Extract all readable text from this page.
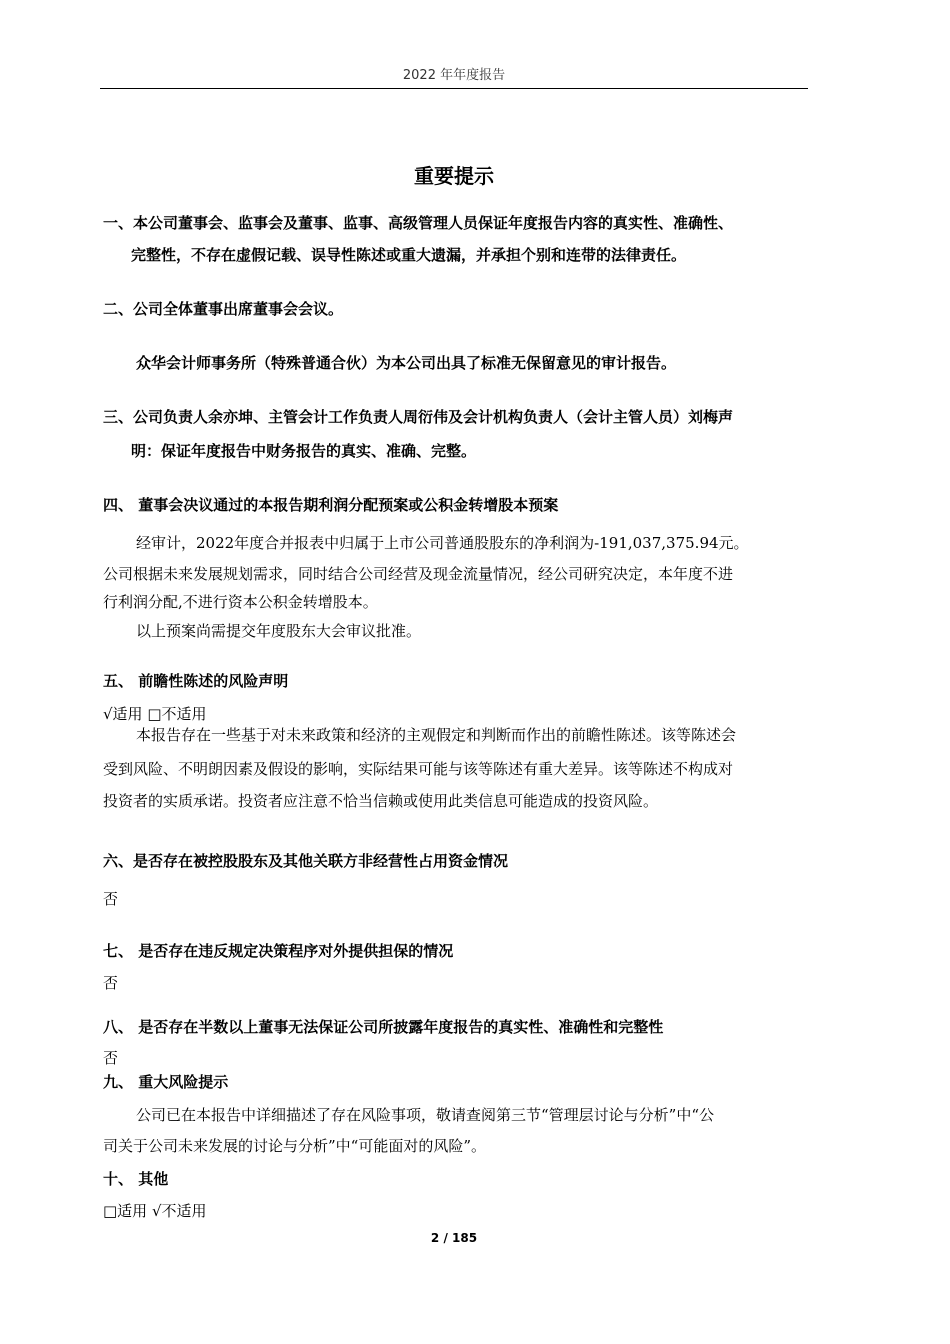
2022 年年度报告
重要提示
一、本公司董事会、监事会及董事、监事、高级管理人员保证年度报告内容的真实性、准确性、
完整性，不存在虚假记载、误导性陈述或重大遗漏，并承担个别和连带的法律责任。
二、公司全体董事出席董事会会议。
众华会计师事务所（特殊普通合伙）为本公司出具了标准无保留意见的审计报告。
三、公司负责人余亦坤、主管会计工作负责人周衍伟及会计机构负责人（会计主管人员）刘梅声
明：保证年度报告中财务报告的真实、准确、完整。
四、 董事会决议通过的本报告期利润分配预案或公积金转增股本预案
经审计，2022年度合并报表中归属于上市公司普通股股东的净利润为-191,037,375.94元。
公司根据未来发展规划需求，同时结合公司经营及现金流量情况，经公司研究决定，本年度不进
行利润分配,不进行资本公积金转增股本。
以上预案尚需提交年度股东大会审议批准。
五、 前瞻性陈述的风险声明
√适用 □不适用
本报告存在一些基于对未来政策和经济的主观假定和判断而作出的前瞻性陈述。该等陈述会
受到风险、不明朗因素及假设的影响，实际结果可能与该等陈述有重大差异。该等陈述不构成对
投资者的实质承诺。投资者应注意不恰当信赖或使用此类信息可能造成的投资风险。
六、是否存在被控股股东及其他关联方非经营性占用资金情况
否
七、 是否存在违反规定决策程序对外提供担保的情况
否
八、 是否存在半数以上董事无法保证公司所披露年度报告的真实性、准确性和完整性
否
九、 重大风险提示
公司已在本报告中详细描述了存在风险事项，敬请查阅第三节“管理层讨论与分析”中“公
司关于公司未来发展的讨论与分析”中“可能面对的风险”。
十、 其他
□适用 √不适用
2 / 185
